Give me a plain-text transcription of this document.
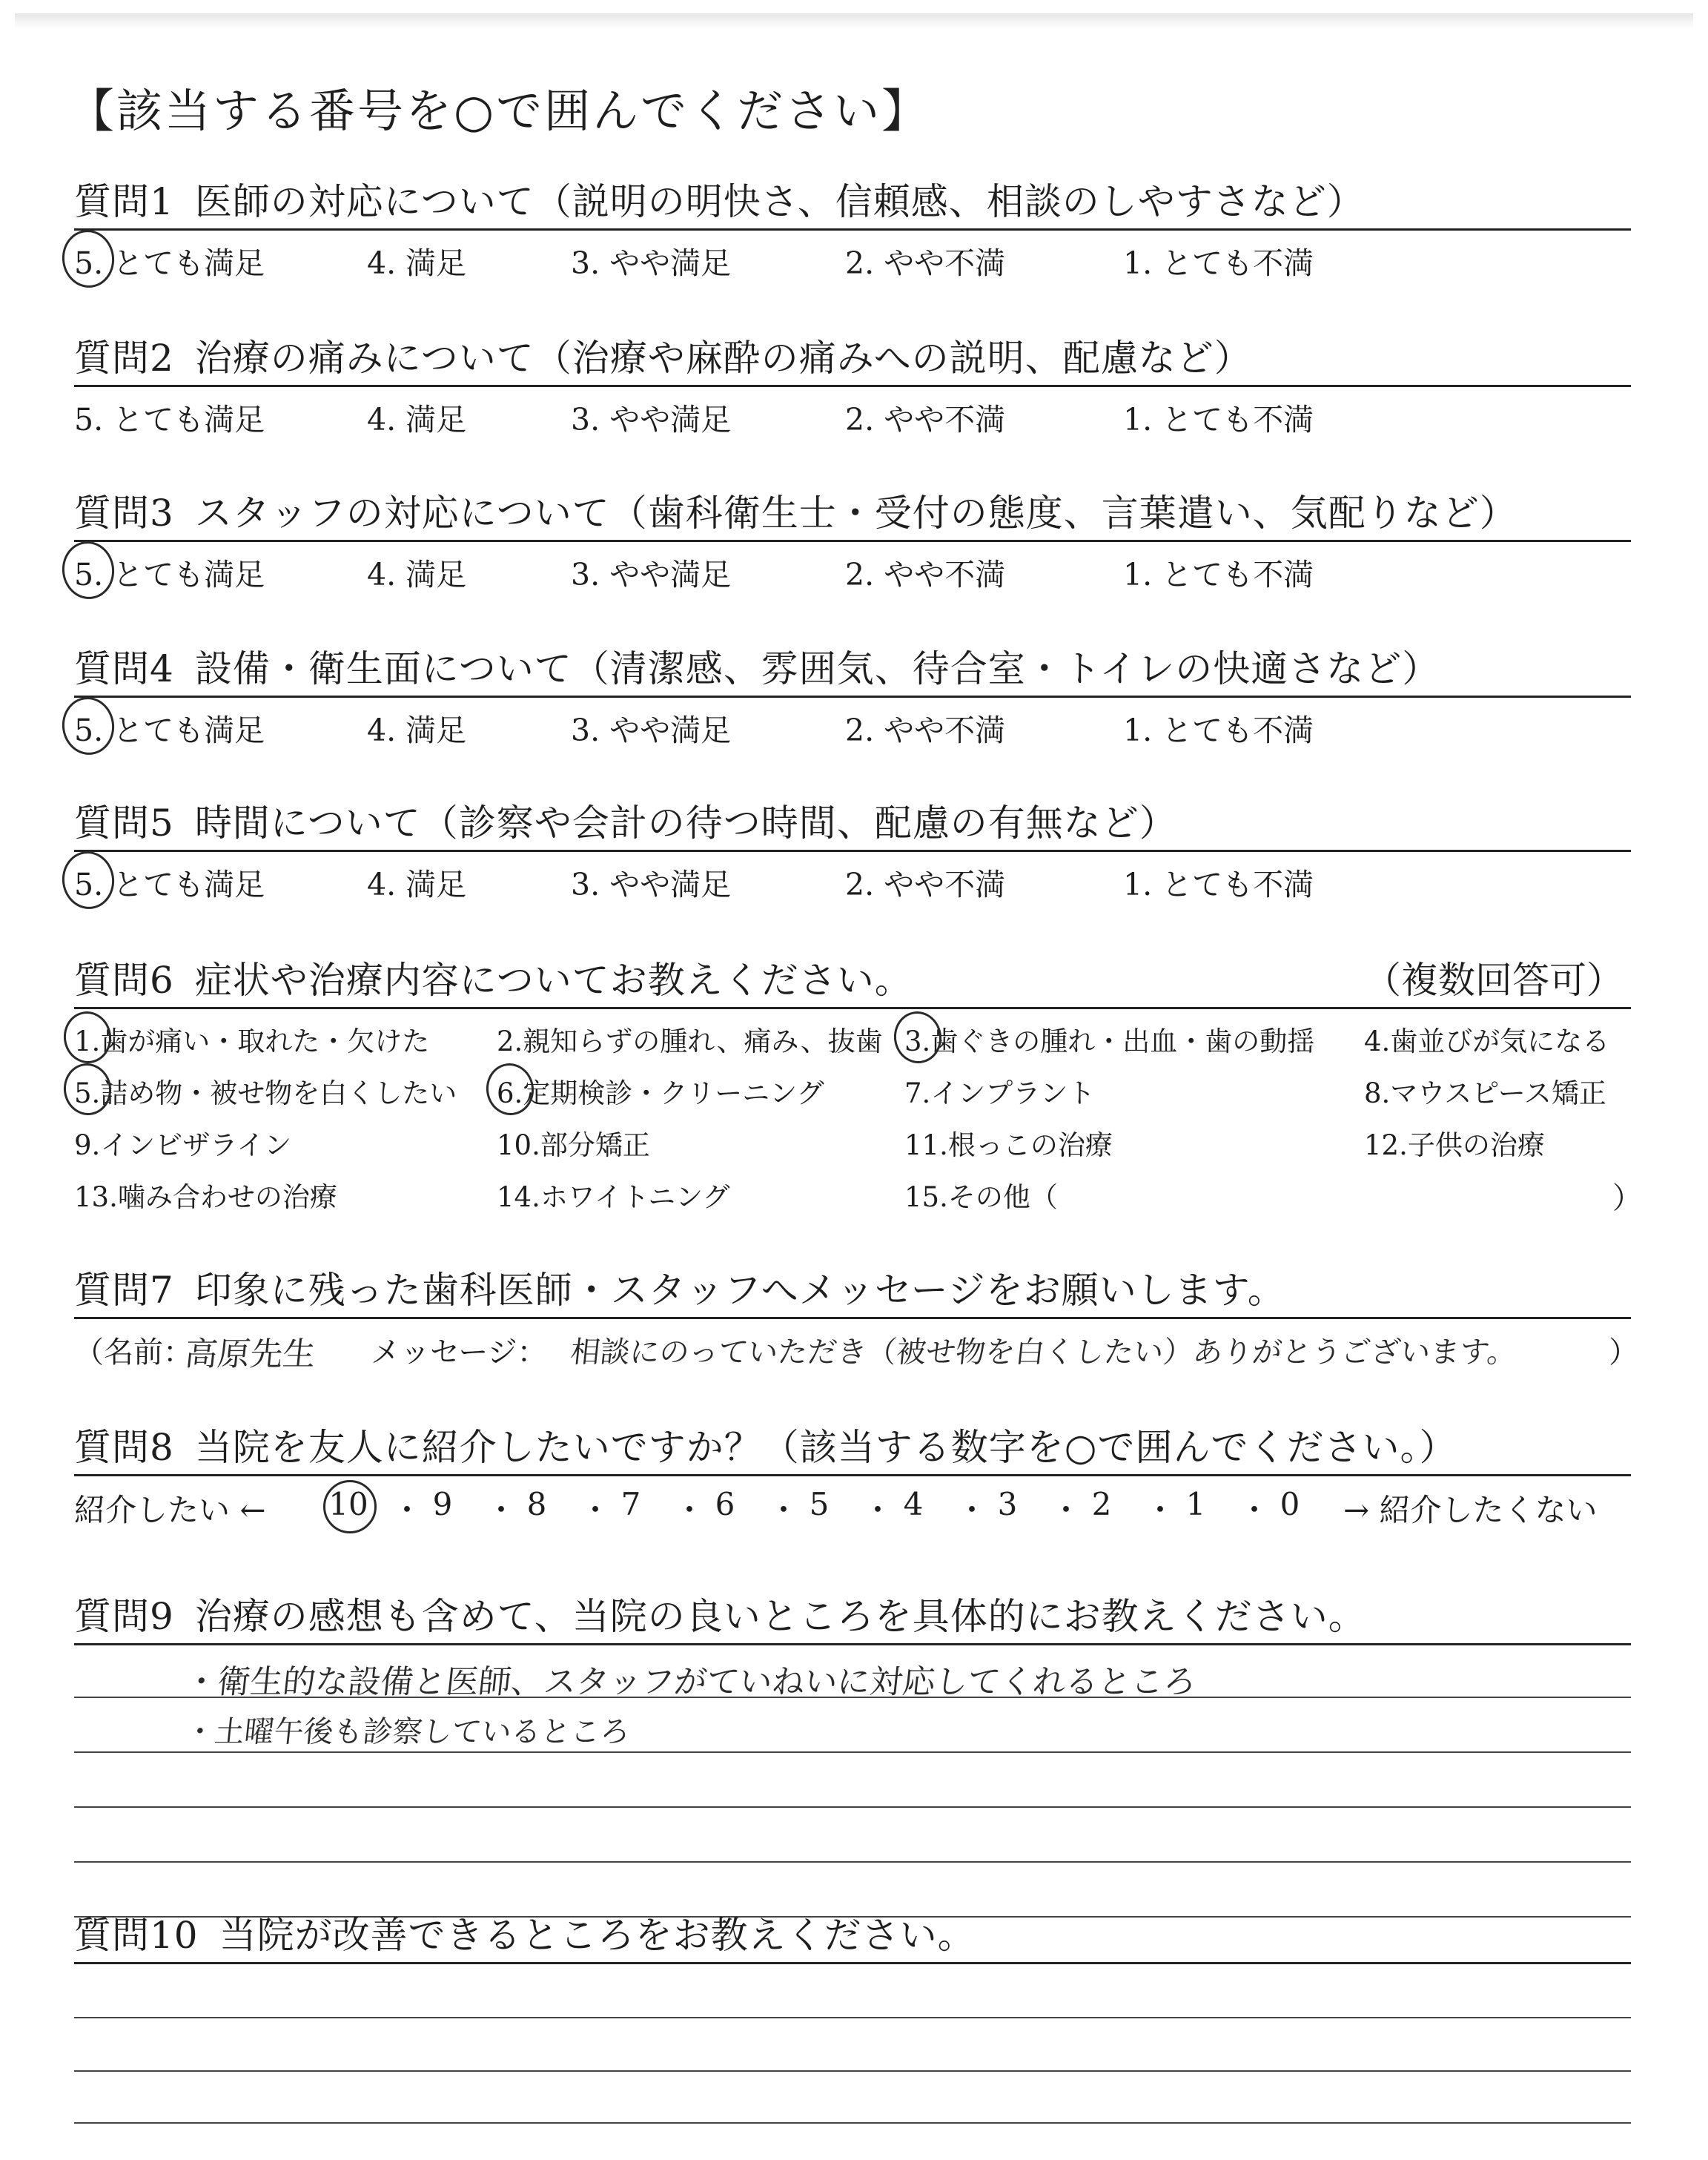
【該当する番号を○で囲んでください】
質問1 医師の対応について（説明の明快さ、信頼感、相談のしやすさなど）
5. とても満足	4. 満足	3. やや満足	2. やや不満	1. とても不満
質問2 治療の痛みについて（治療や麻酔の痛みへの説明、配慮など）
5. とても満足	4. 満足	3. やや満足	2. やや不満	1. とても不満
質問3 スタッフの対応について（歯科衛生士・受付の態度、言葉遣い、気配りなど）
5. とても満足	4. 満足	3. やや満足	2. やや不満	1. とても不満
質問4 設備・衛生面について（清潔感、雰囲気、待合室・トイレの快適さなど）
5. とても満足	4. 満足	3. やや満足	2. やや不満	1. とても不満
質問5 時間について（診察や会計の待つ時間、配慮の有無など）
5. とても満足	4. 満足	3. やや満足	2. やや不満	1. とても不満
質問6 症状や治療内容についてお教えください。	（複数回答可）
1.歯が痛い・取れた・欠けた 2.親知らずの腫れ、痛み、抜歯 3.歯ぐきの腫れ・出血・歯の動揺 4.歯並びが気になる
5.詰め物・被せ物を白くしたい 6.定期検診・クリーニング	7.インプラント	8.マウスピース矯正
9.インビザライン	10.部分矯正	11.根っこの治療	12.子供の治療
13.噛み合わせの治療	14.ホワイトニング	15.その他（	）
質問7 印象に残った歯科医師・スタッフへメッセージをお願いします。
（名前：
高原先生 メッセージ： 相談にのっていただき（被せ物を白くしたい）ありがとうございます。	）
質問8 当院を友人に紹介したいですか？（該当する数字を○で囲んでください。）
紹介したい ← 10 ・ 9	・ 8	・ 7	・ 6	・ 5	・ 4	・ 3	・ 2	・ 1	・ 0	→ 紹介したくない
質問9 治療の感想も含めて、当院の良いところを具体的にお教えください。
・衛生的な設備と医師、スタッフがていねいに対応してくれるところ
・土曜午後も診察しているところ
質問10 当院が改善できるところをお教えください。
